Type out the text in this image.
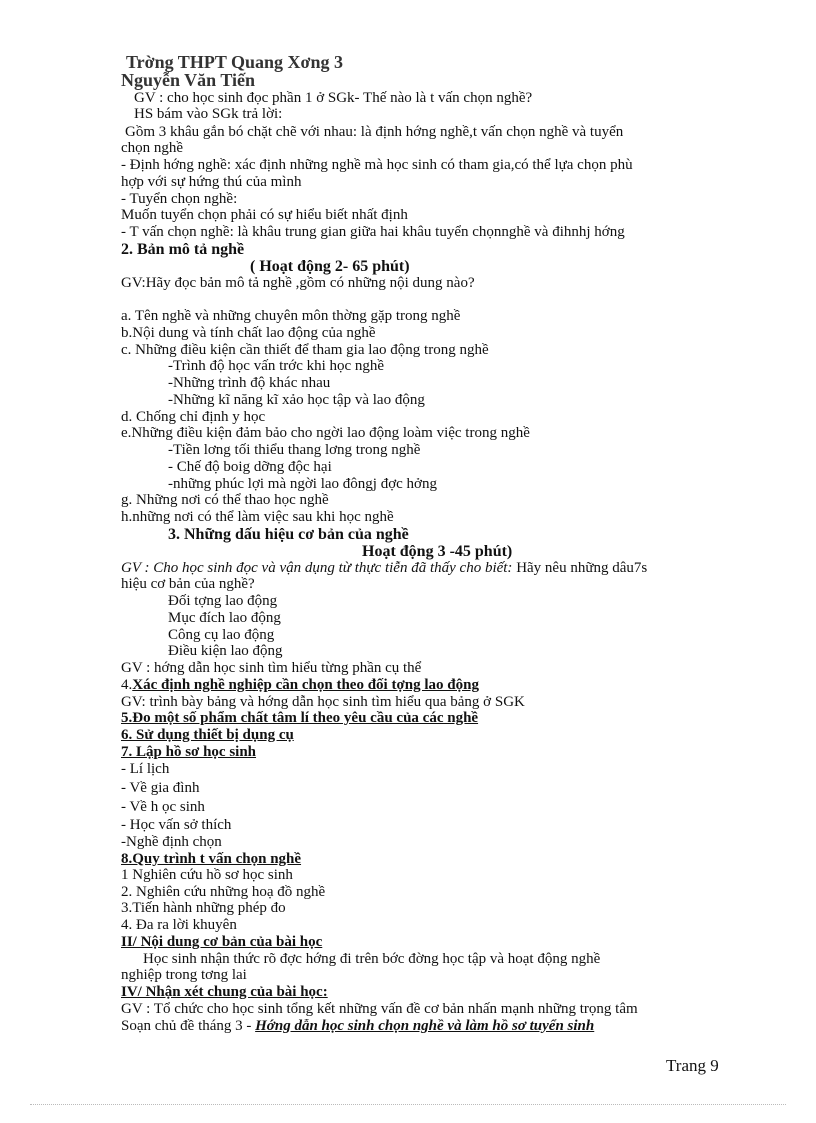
Trờng THPT Quang Xơng 3
Nguyễn Văn Tiến
GV : cho học sinh đọc phần 1 ở SGk- Thế nào là t vấn chọn nghề?
HS bám vào SGk trả lời:
Gồm 3 khâu gắn bó chặt chẽ với nhau: là định hớng nghề,t vấn chọn nghề và tuyển
chọn nghề
- Định hớng nghề: xác định những nghề mà học sinh có tham gia,có thể lựa chọn phù
hợp với sự hứng thú của mình
- Tuyển chọn nghề:
Muốn tuyển chọn phải có sự hiểu biết nhất định
- T vấn chọn nghề: là khâu trung gian giữa hai khâu tuyển chọnnghề và đihnhj hớng
2. Bản mô tả nghề
( Hoạt động 2- 65 phút)
GV:Hãy đọc bản mô tả nghề ,gồm có những nội dung nào?
a. Tên nghề và những chuyên môn thờng gặp trong nghề
b.Nội dung và tính chất lao động của nghề
c. Những điều kiện cần thiết để tham gia lao động trong nghề
-Trình độ học vấn trớc khi học nghề
-Những trình độ khác nhau
-Những kĩ năng kĩ xảo học tập và lao động
d. Chống chỉ định y học
e.Những điều kiện đảm bảo cho ngời lao động loàm việc trong nghề
-Tiền lơng tối thiểu thang lơng trong nghề
- Chế độ boig dỡng độc hại
-những phúc lợi mà ngời lao đôngj đợc hởng
g. Những nơi có thể thao học nghề
h.những nơi có thể làm việc sau khi học nghề
3. Những dấu hiệu cơ bản của nghề
Hoạt động 3 -45 phút)
GV : Cho học sinh đọc và vận dụng từ thực tiễn đã thấy cho biết: Hãy nêu những dâu7s
hiệu cơ bản của nghề?
Đối tợng lao động
Mục đích lao động
Công cụ lao động
Điều kiện lao động
GV : hớng dẫn học sinh tìm hiểu từng phần cụ thể
4.Xác định nghề nghiệp cần chọn theo đối tợng lao động
GV: trình bày bảng và hớng dẫn học sinh tìm hiểu qua bảng ở SGK
5.Đo một số phẩm chất tâm lí theo yêu cầu của các nghề
6. Sử dụng thiết bị dụng cụ
7. Lập hồ sơ học sinh
- Lí lịch
- Về gia đình
- Về h ọc sinh
- Học vấn sở thích
-Nghề định chọn
8.Quy trình t vấn chọn nghề
1 Nghiên cứu hồ sơ học sinh
2. Nghiên cứu những hoạ đồ nghề
3.Tiến hành những phép đo
4. Đa ra lời khuyên
II/ Nội dung cơ bản của bài học
Học sinh nhận thức rõ đợc hớng đi trên bớc đờng học tập và hoạt động nghề
nghiệp trong tơng lai
IV/ Nhận xét chung của bài học:
GV : Tổ chức cho học sinh tổng kết những vấn đề cơ bản nhấn mạnh những trọng tâm
Soạn chủ đề tháng 3 - Hớng dẫn học sinh chọn nghề và làm hồ sơ tuyển sinh
Trang 9
